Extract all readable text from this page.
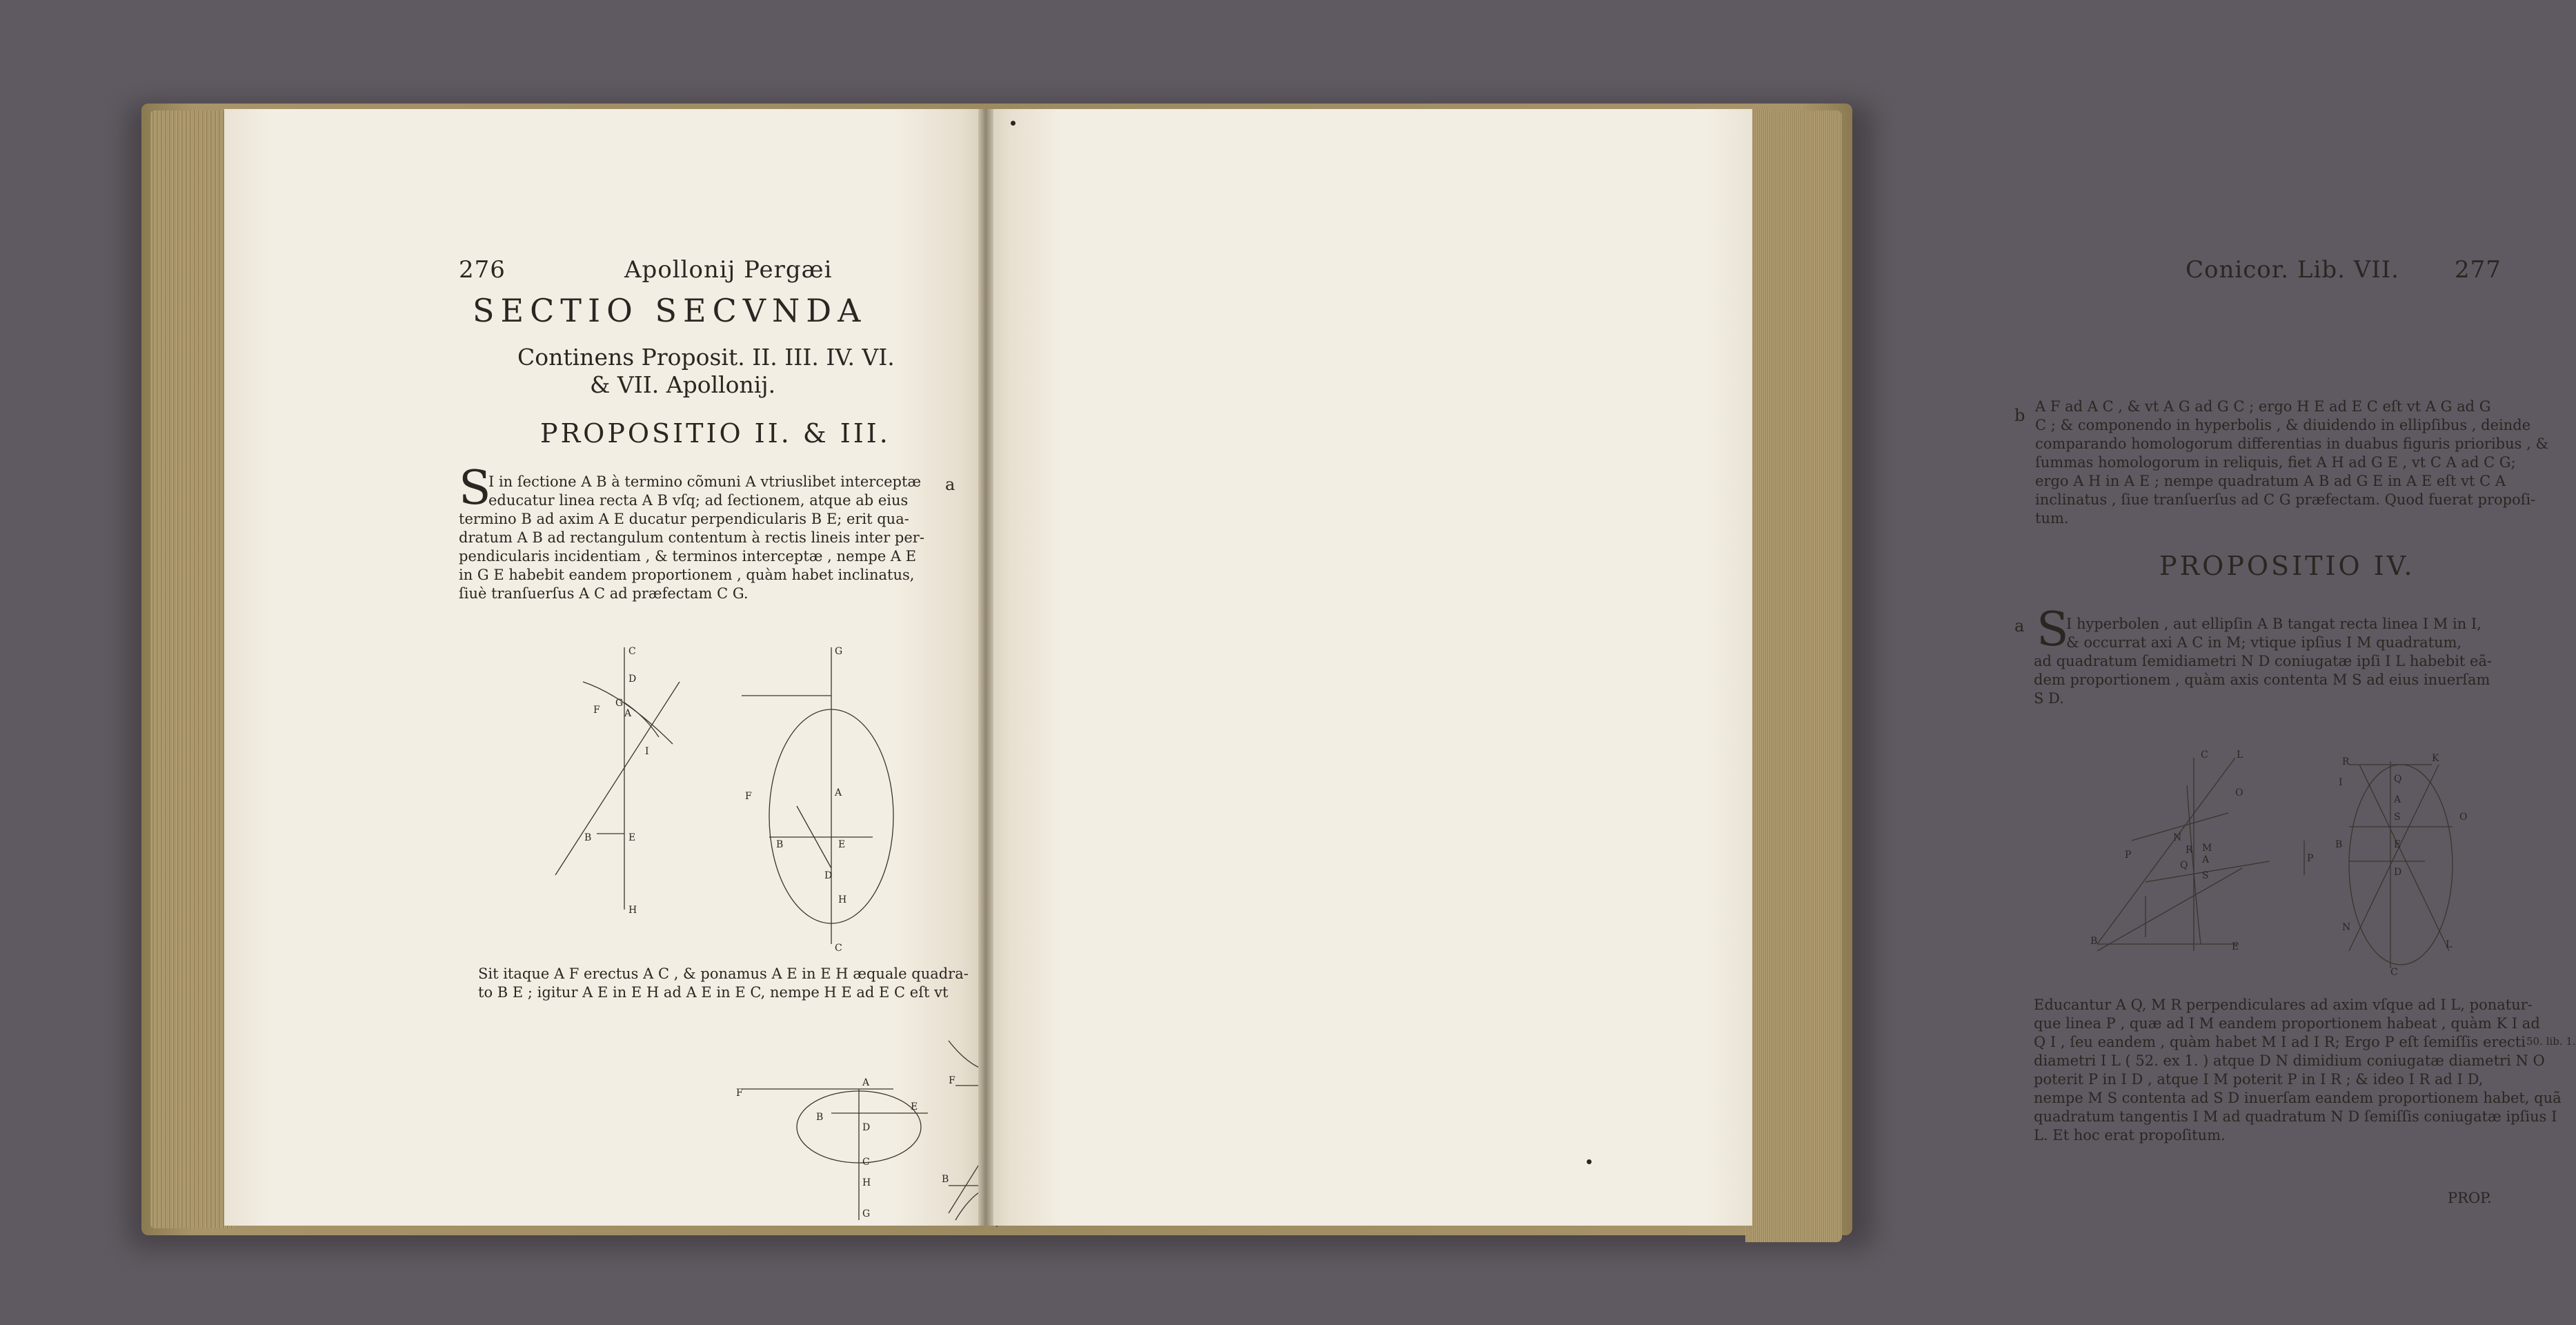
276	Apollonij Pergæi
SECTIO SECVNDA
Continens Proposit. II. III. IV. VI.
& VII. Apollonij.
PROPOSITIO II. & III.
S	a
I in ſectione A B à termino cõmuni A vtriuslibet interceptæ
educatur linea recta A B vſq; ad ſectionem, atque ab eius
termino B ad axim A E ducatur perpendicularis B E; erit qua-
dratum A B ad rectangulum contentum à rectis lineis inter per-
pendicularis incidentiam , & terminos interceptæ , nempe A E
in G E habebit eandem proportionem , quàm habet inclinatus,
ſiuè tranſuerſus A C ad præfectam C G.
C
D
G
F	A
I
B	E
H
G
F	A
B	E
D
H
C
Sit itaque A F erectus A C , & ponamus A E in E H æquale quadra-
to B E ; igitur A E in E H ad A E in E C, nempe H E ad E C eſt vt
F
A
B
D
E
C
H
G
F
B
Conicor. Lib. VII. 277
b A F ad A C , & vt A G ad G C ; ergo H E ad E C eſt vt A G ad G
C ; & componendo in hyperbolis , & diuidendo in ellipſibus , deinde
comparando homologorum differentias in duabus figuris prioribus , &
ſummas homologorum in reliquis, fiet A H ad G E , vt C A ad C G;
ergo A H in A E ; nempe quadratum A B ad G E in A E eſt vt C A
inclinatus , ſiue tranſuerſus ad C G præfectam. Quod fuerat propoſi-
tum.
PROPOSITIO IV.
a S
I hyperbolen , aut ellipſin A B tangat recta linea I M in I,
& occurrat axi A C in M; vtique ipſius I M quadratum,
ad quadratum ſemidiametri N D coniugatæ ipſi I L habebit eã-
dem proportionem , quàm axis contenta M S ad eius inuerſam
S D.
C	L
O
N
R M
A
P
Q
S
B	E
P
R	K
Q
I
A
S	O
B	E
D
N
L
C
Educantur A Q, M R perpendiculares ad axim vſque ad I L, ponatur-
que linea P , quæ ad I M eandem proportionem habeat , quàm K I ad
Q I , ſeu eandem , quàm habet M I ad I R; Ergo P eſt ſemiſſis erecti
diametri I L ( 52. ex 1. ) atque D N dimidium coniugatæ diametri N O
poterit P in I D , atque I M poterit P in I R ; & ideo I R ad I D,
nempe M S contenta ad S D inuerſam eandem proportionem habet, quã
quadratum tangentis I M ad quadratum N D ſemiſſis coniugatæ ipſius I
L. Et hoc erat propoſitum.
50. lib. 1.
PROP.
